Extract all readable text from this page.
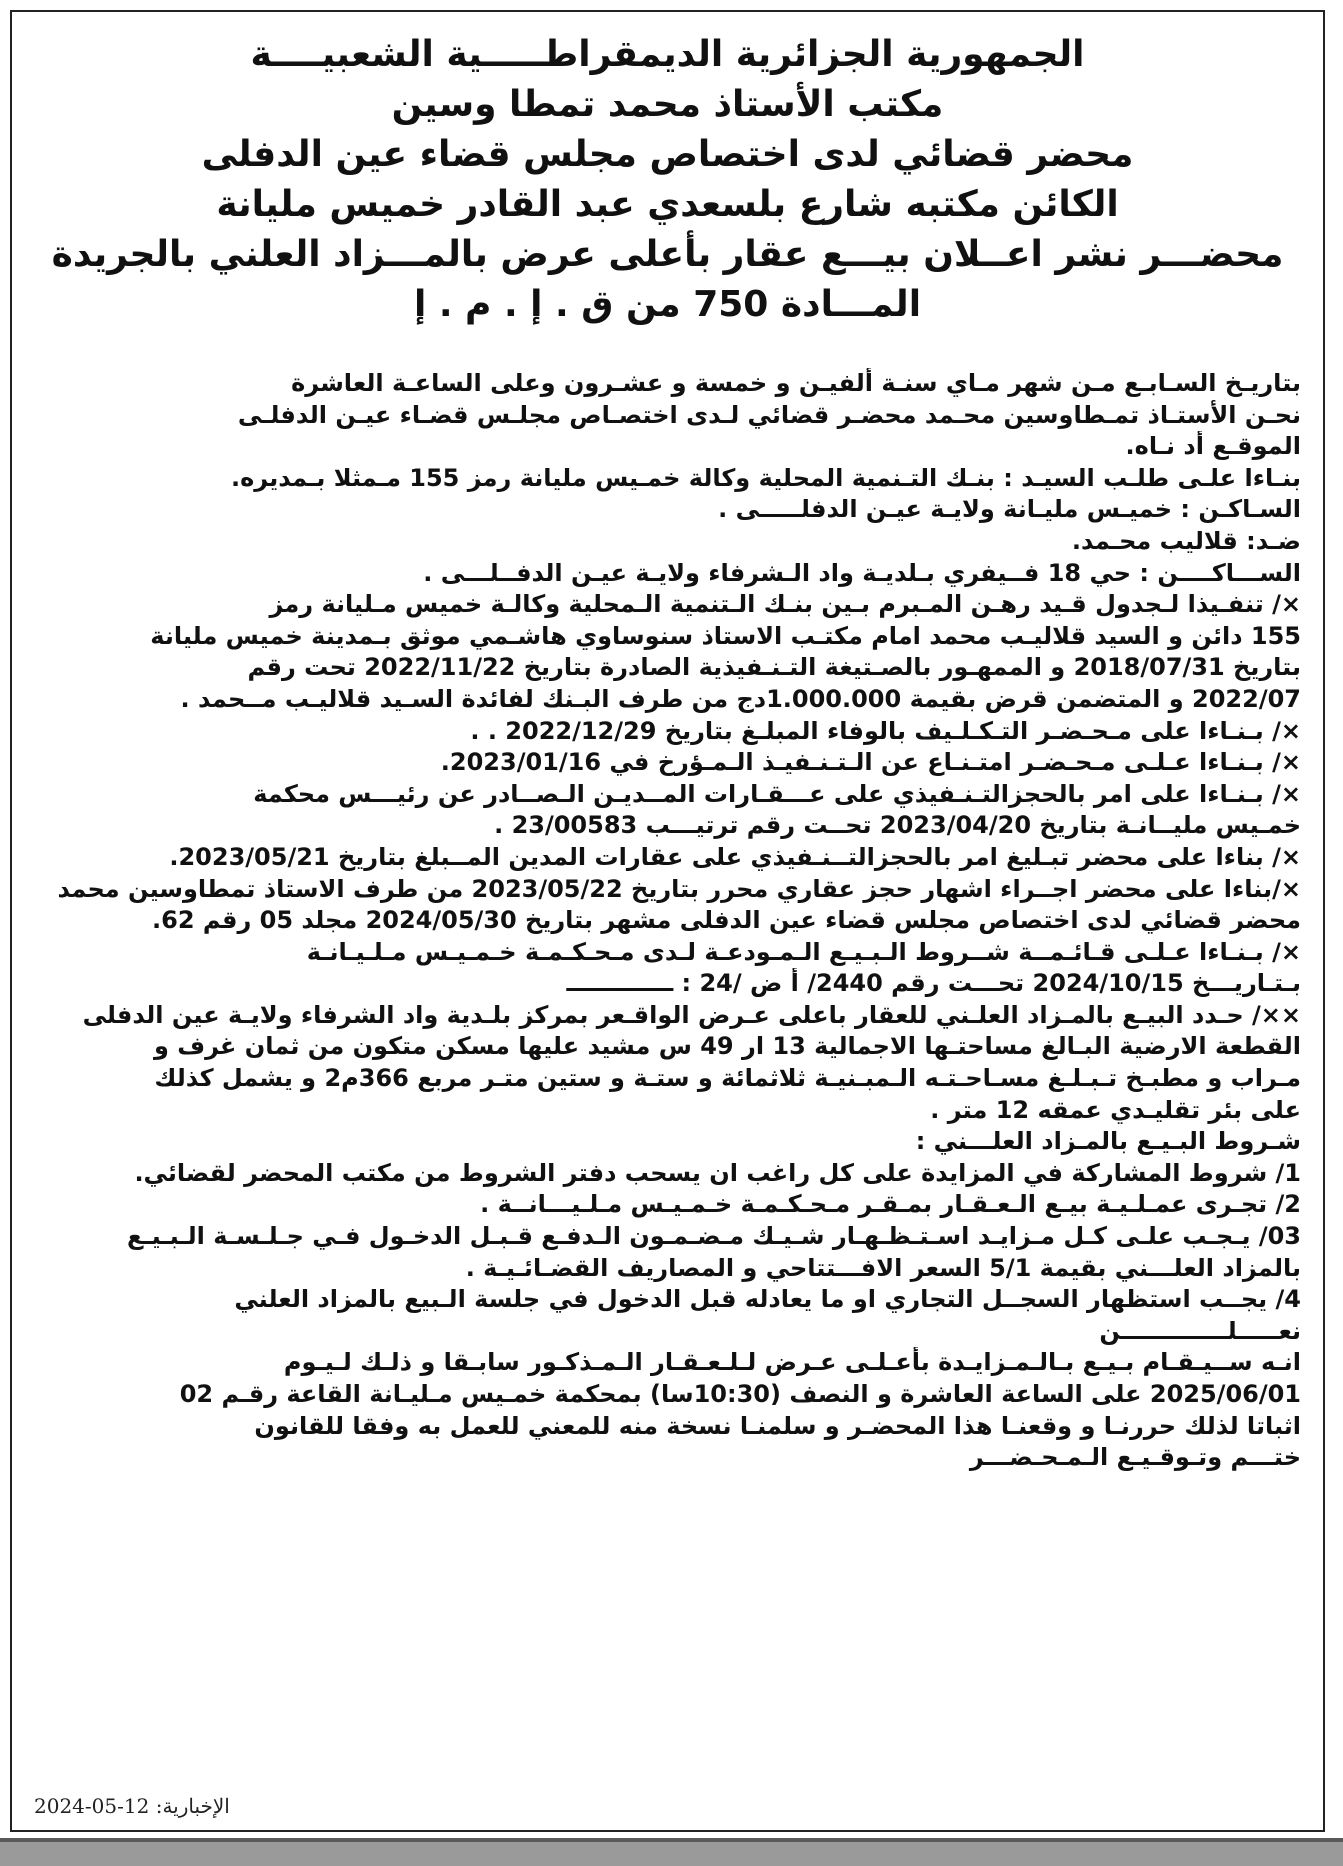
الجمهورية الجزائرية الديمقراطـــــية الشعبيــــة
مكتب الأستاذ محمد تمطا وسين
محضر قضائي لدى اختصاص مجلس قضاء عين الدفلى
الكائن مكتبه شارع بلسعدي عبد القادر خميس مليانة
محضـــر نشر اعــلان بيـــع عقار بأعلى عرض بالمـــزاد العلني بالجريدة
المـــادة 750 من ق . إ . م . إ
بتاريـخ السـابـع مـن شهر مـاي سنـة ألفيـن و خمسة و عشـرون وعلى الساعـة العاشرة
نحـن الأستـاذ تمـطاوسين محـمد محضـر قضائي لـدى اختصـاص مجلـس قضـاء عيـن الدفلـى
الموقـع أد نـاه.
بنـاءا علـى طلـب السيـد : بنـك التـنمية المحلية وكالة خمـيس مليانة رمز 155 مـمثلا بـمديره.
السـاكـن : خميـس مليـانة ولايـة عيـن الدفلـــــى .
ضـد: قلاليب محـمد.
الســـاكــــن : حي 18 فــيفري بـلديـة واد الـشرفاء ولايـة عيـن الدفــلـــى .
×/ تنفـيذا لـجدول قـيد رهـن المـبرم بـين بنـك الـتنمية الـمحلية وكالـة خميس مـليانة رمز
155 دائن و السيد قلاليـب محمد امام مكتـب الاستاذ سنوساوي هاشـمي موثق بـمدينة خميس مليانة
بتاريخ 2018/07/31 و الممهـور بالصـتيغة التـنـفيذية الصادرة بتاريخ 2022/11/22 تحت رقم
2022/07 و المتضمن قرض بقيمة 1.000.000دج من طرف البـنك لفائدة السـيد قلاليـب مــحمد .
×/ بـنـاءا على مـحـضـر التـكـلـيف بالوفاء المبلـغ بتاريخ 2022/12/29 . .
×/ بـنـاءا عـلـى مـحـضـر امتـنـاع عن الـتـنـفيـذ الـمـؤرخ في 2023/01/16.
×/ بـنـاءا على امر بالحجزالتـنـفيذي على عـــقـارات المــديـن الـصــادر عن رئيـــس محكمة
خمـيس مليــانـة بتاريخ 2023/04/20 تحــت رقم ترتيـــب 23/00583 .
×/ بناءا على محضر تبـليغ امر بالحجزالتــنـفيذي على عقارات المدين المــبلغ بتاريخ 2023/05/21.
×/بناءا على محضر اجــراء اشهار حجز عقاري محرر بتاريخ 2023/05/22 من طرف الاستاذ تمطاوسين محمد
محضر قضائي لدى اختصاص مجلس قضاء عين الدفلى مشهر بتاريخ 2024/05/30 مجلد 05 رقم 62.
×/ بـنـاءا عـلـى قـائـمــة شــروط الـبـيـع الـمـودعـة لـدى مـحـكـمـة خـمـيـس مـلـيـانـة
بـتـاريـــخ 2024/10/15 تحـــت رقم 2440/ أ ض /24 : ـــــــــــــ
××/ حـدد البيـع بالمـزاد العلـني للعقار باعلى عـرض الواقـعر بمركز بلـدية واد الشرفاء ولايـة عين الدفلى
القطعة الارضية البـالغ مساحتـها الاجمالية 13 ار 49 س مشيد عليها مسكن متكون من ثمان غرف و
مـراب و مطبـخ تـبـلـغ مسـاحـتـه الـمبـنيـة ثلاثمائة و ستـة و ستين متـر مربع 366م2 و يشمل كذلك
على بئر تقليـدي عمقه 12 متر .
شـروط البـيـع بالمـزاد العلـــني :
1/ شروط المشاركة في المزايدة على كل راغب ان يسحب دفتر الشروط من مكتب المحضر لقضائي.
2/ تجـرى عمـلـيـة بيـع الـعـقـار بمـقـر مـحـكـمـة خـمـيـس مـلـيـــانــة .
03/ يـجـب علـى كـل مـزايـد اسـتـظـهـار شـيـك مـضـمـون الـدفـع قـبـل الدخـول فـي جـلـسـة الـبـيـع
بالمزاد العلـــني بقيمة 5/1 السعر الافـــتتاحي و المصاريف القضـائـيـة .
4/ يجــب استظهار السجــل التجاري او ما يعادله قبل الدخول في جلسة الـبيع بالمزاد العلني
نعـــــلـــــــــــــن
انـه ســيـقـام بـيـع بـالـمـزايـدة بأعـلـى عـرض لـلـعـقـار الـمـذكـور سابـقا و ذلـك لـيـوم
2025/06/01 على الساعة العاشرة و النصف (10:30سا) بمحكمة خمـيس مـليـانة القاعة رقـم 02
اثباتا لذلك حررنـا و وقعنـا هذا المحضـر و سلمنـا نسخة منه للمعني للعمل به وفقا للقانون
ختـــم وتـوقـيـع الـمـحـضـــر
الإخبارية: 12-05-2024
